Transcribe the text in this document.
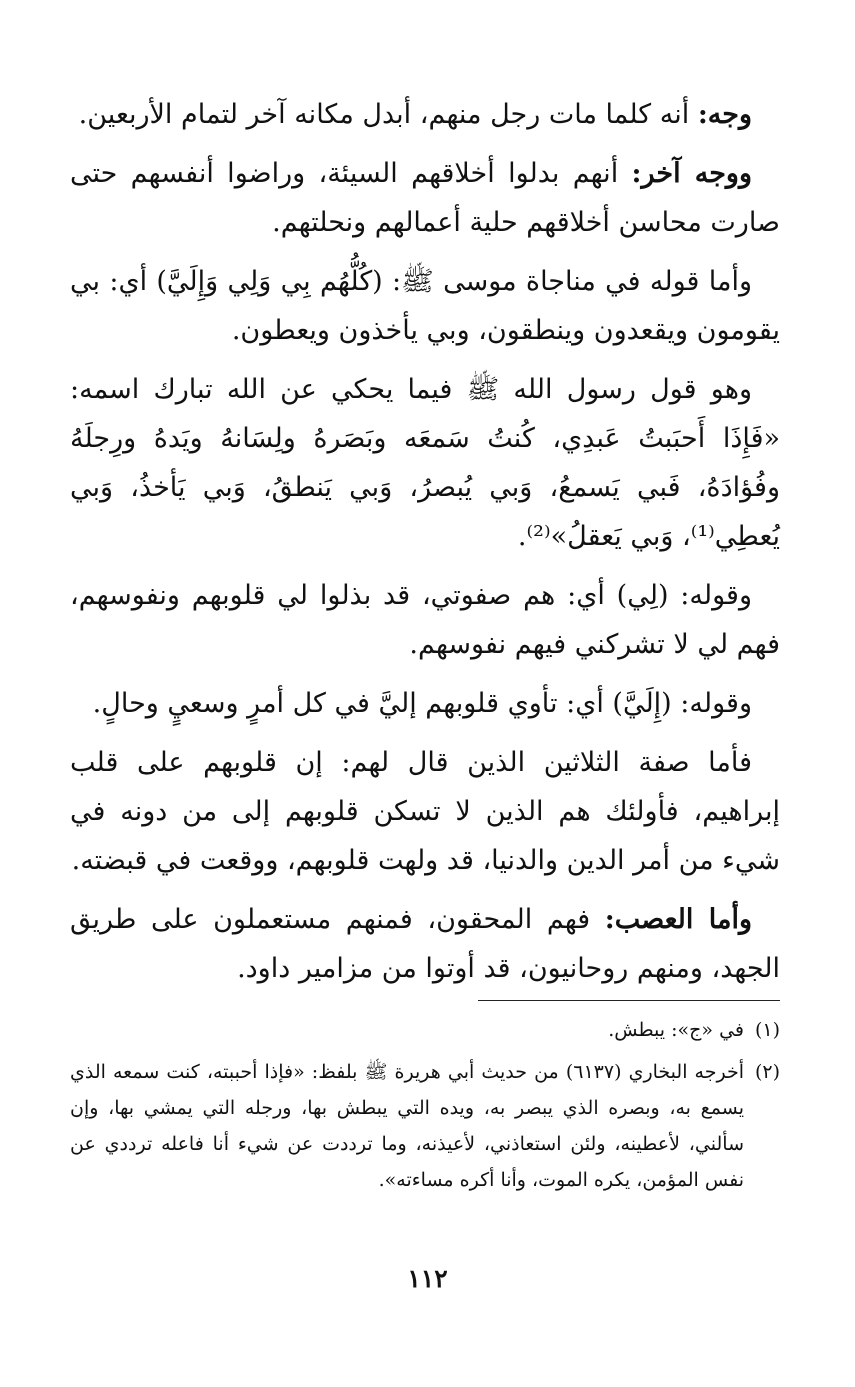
وجه: أنه كلما مات رجل منهم، أبدل مكانه آخر لتمام الأربعين.

ووجه آخر: أنهم بدلوا أخلاقهم السيئة، وراضوا أنفسهم حتى صارت محاسن أخلاقهم حلية أعمالهم ونحلتهم.

وأما قوله في مناجاة موسى ﷺ: (كُلُّهُم بِي وَلِي وَإِلَيَّ) أي: بي يقومون ويقعدون وينطقون، وبي يأخذون ويعطون.

وهو قول رسول الله ﷺ فيما يحكي عن الله تبارك اسمه: «فَإِذَا أَحبَبتُ عَبدِي، كُنتُ سَمعَه وبَصَرهُ ولِسَانهُ ويَدهُ ورِجلَهُ وفُؤادَهُ، فَبي يَسمعُ، وَبي يُبصرُ، وَبي يَنطقُ، وَبي يَأخذُ، وَبي يُعطِي⁽¹⁾، وَبي يَعقلُ»⁽²⁾.

وقوله: (لِي) أي: هم صفوتي، قد بذلوا لي قلوبهم ونفوسهم، فهم لي لا تشركني فيهم نفوسهم.

وقوله: (إِلَيَّ) أي: تأوي قلوبهم إليَّ في كل أمرٍ وسعيٍ وحالٍ.

فأما صفة الثلاثين الذين قال لهم: إن قلوبهم على قلب إبراهيم، فأولئك هم الذين لا تسكن قلوبهم إلى من دونه في شيء من أمر الدين والدنيا، قد ولهت قلوبهم، ووقعت في قبضته.

وأما العصب: فهم المحقون، فمنهم مستعملون على طريق الجهد، ومنهم روحانيون، قد أوتوا من مزامير داود.

(١)
في «ج»: يبطش.
(٢)
أخرجه البخاري (٦١٣٧) من حديث أبي هريرة ﷺ بلفظ: «فإذا أحببته، كنت سمعه الذي يسمع به، وبصره الذي يبصر به، ويده التي يبطش بها، ورجله التي يمشي بها، وإن سألني، لأعطينه، ولئن استعاذني، لأعيذنه، وما ترددت عن شيء أنا فاعله ترددي عن نفس المؤمن، يكره الموت، وأنا أكره مساءته».
١١٢
